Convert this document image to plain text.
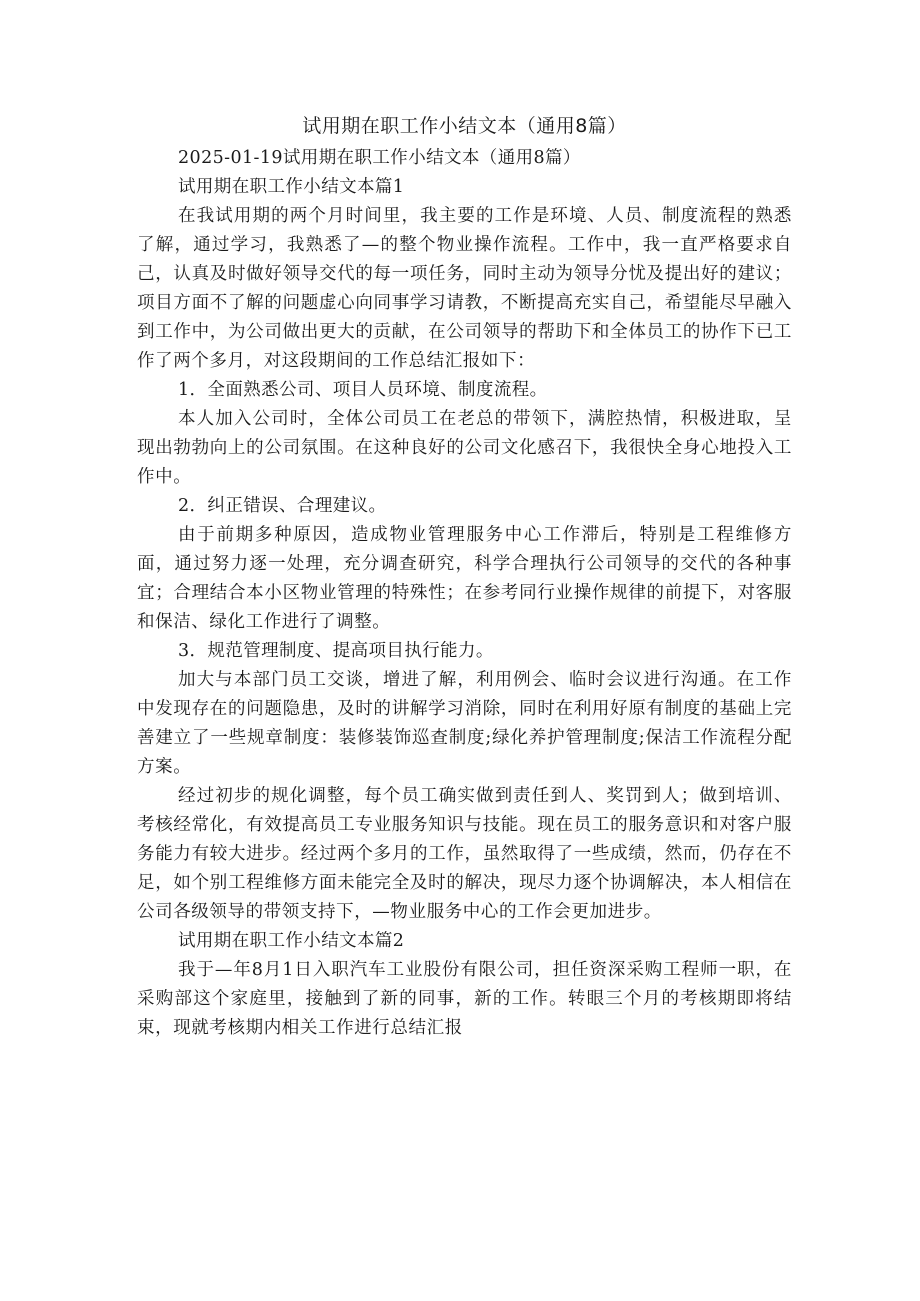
试用期在职工作小结文本（通用8篇）

2025-01-19试用期在职工作小结文本（通用8篇）

试用期在职工作小结文本篇1

在我试用期的两个月时间里，我主要的工作是环境、人员、制度流程的熟悉了解，通过学习，我熟悉了—的整个物业操作流程。工作中，我一直严格要求自己，认真及时做好领导交代的每一项任务，同时主动为领导分忧及提出好的建议；项目方面不了解的问题虚心向同事学习请教，不断提高充实自己，希望能尽早融入到工作中，为公司做出更大的贡献，在公司领导的帮助下和全体员工的协作下已工作了两个多月，对这段期间的工作总结汇报如下：

1．全面熟悉公司、项目人员环境、制度流程。

本人加入公司时，全体公司员工在老总的带领下，满腔热情，积极进取，呈现出勃勃向上的公司氛围。在这种良好的公司文化感召下，我很快全身心地投入工作中。

2．纠正错误、合理建议。

由于前期多种原因，造成物业管理服务中心工作滞后，特别是工程维修方面，通过努力逐一处理，充分调查研究，科学合理执行公司领导的交代的各种事宜；合理结合本小区物业管理的特殊性；在参考同行业操作规律的前提下，对客服和保洁、绿化工作进行了调整。

3．规范管理制度、提高项目执行能力。

加大与本部门员工交谈，增进了解，利用例会、临时会议进行沟通。在工作中发现存在的问题隐患，及时的讲解学习消除，同时在利用好原有制度的基础上完善建立了一些规章制度：装修装饰巡查制度;绿化养护管理制度;保洁工作流程分配方案。

经过初步的规化调整，每个员工确实做到责任到人、奖罚到人；做到培训、考核经常化，有效提高员工专业服务知识与技能。现在员工的服务意识和对客户服务能力有较大进步。经过两个多月的工作，虽然取得了一些成绩，然而，仍存在不足，如个别工程维修方面未能完全及时的解决，现尽力逐个协调解决，本人相信在公司各级领导的带领支持下，—物业服务中心的工作会更加进步。

试用期在职工作小结文本篇2

我于—年8月1日入职汽车工业股份有限公司，担任资深采购工程师一职，在采购部这个家庭里，接触到了新的同事，新的工作。转眼三个月的考核期即将结束，现就考核期内相关工作进行总结汇报
